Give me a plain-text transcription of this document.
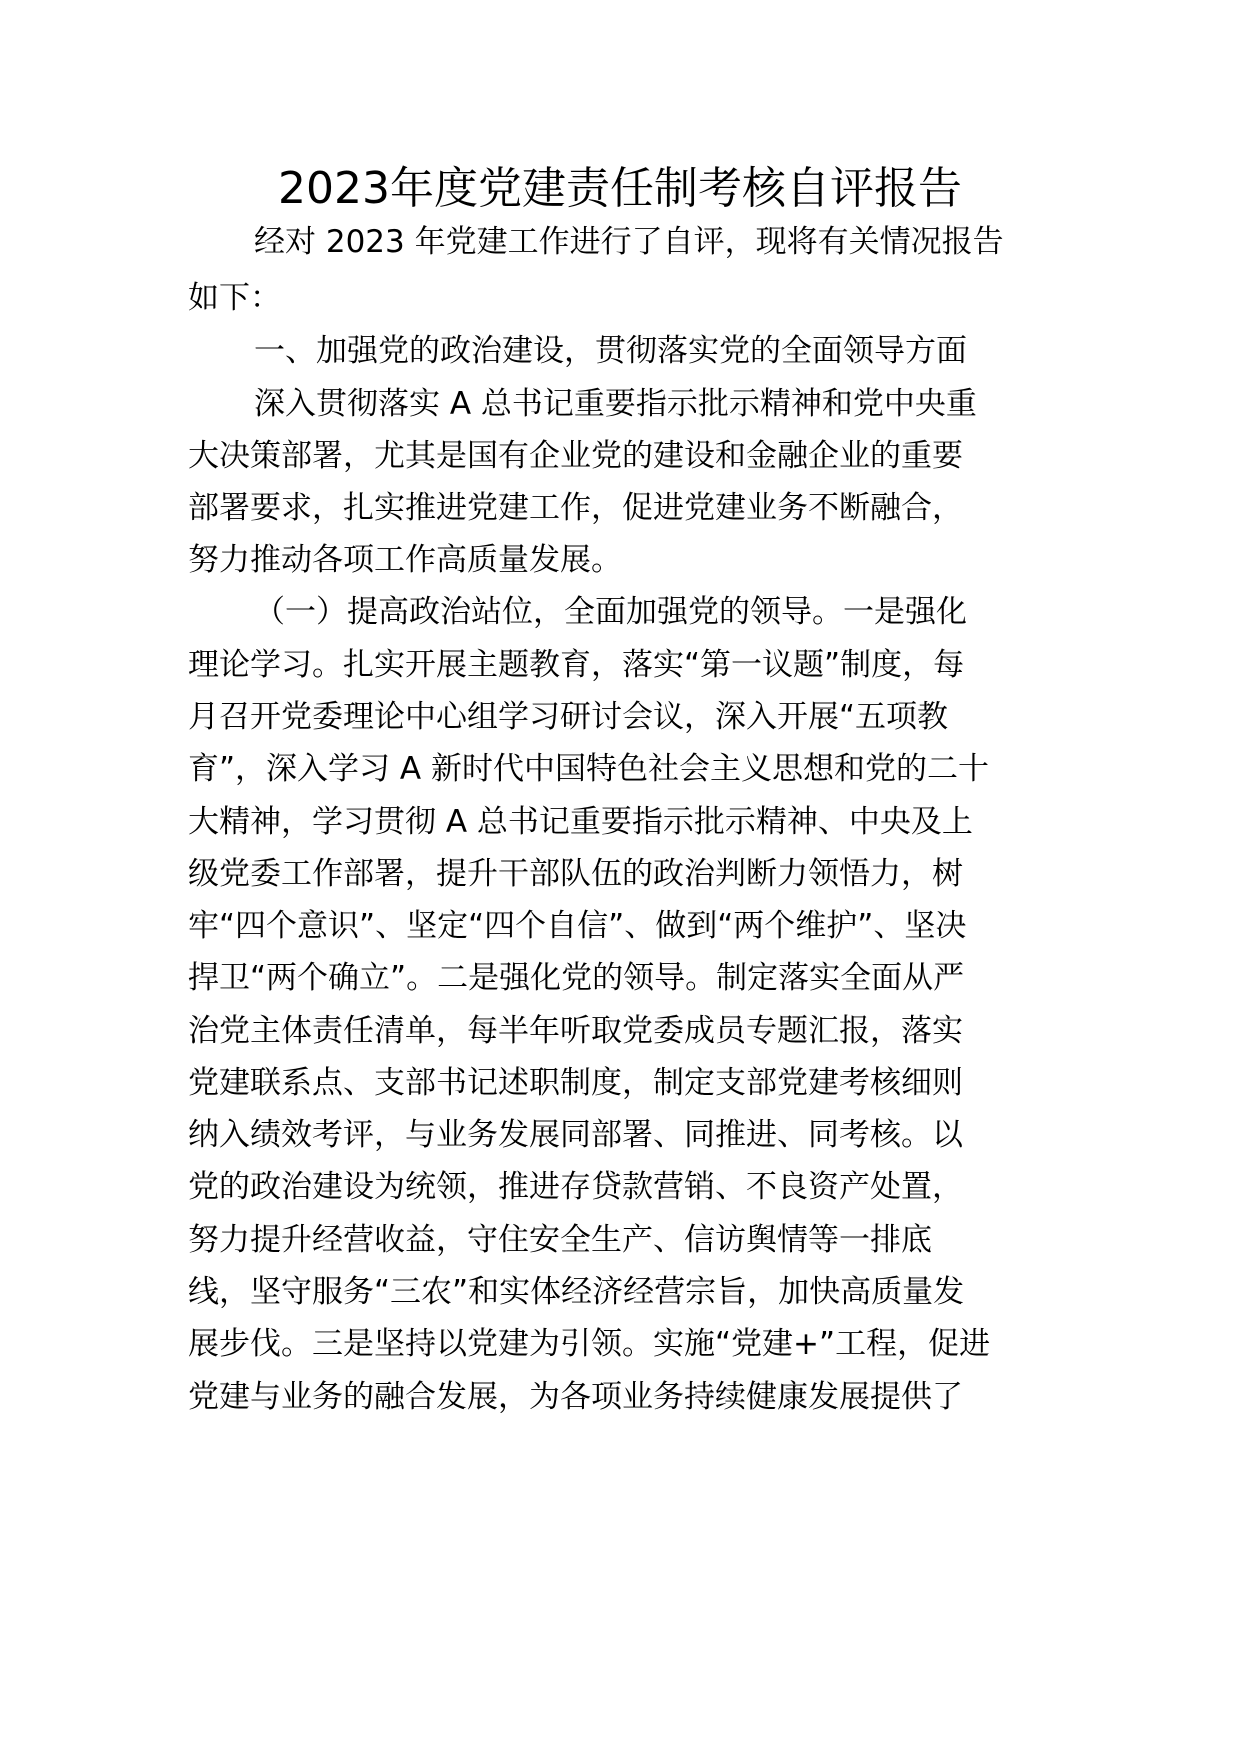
2023年度党建责任制考核自评报告

经对 2023 年党建工作进行了自评，现将有关情况报告

如下：

一、加强党的政治建设，贯彻落实党的全面领导方面

深入贯彻落实 A 总书记重要指示批示精神和党中央重

大决策部署，尤其是国有企业党的建设和金融企业的重要

部署要求，扎实推进党建工作，促进党建业务不断融合，

努力推动各项工作高质量发展。

（一）提高政治站位，全面加强党的领导。一是强化

理论学习。扎实开展主题教育，落实“第一议题”制度，每

月召开党委理论中心组学习研讨会议，深入开展“五项教

育”，深入学习 A 新时代中国特色社会主义思想和党的二十

大精神，学习贯彻 A 总书记重要指示批示精神、中央及上

级党委工作部署，提升干部队伍的政治判断力领悟力，树

牢“四个意识”、坚定“四个自信”、做到“两个维护”、坚决

捍卫“两个确立”。二是强化党的领导。制定落实全面从严

治党主体责任清单，每半年听取党委成员专题汇报，落实

党建联系点、支部书记述职制度，制定支部党建考核细则

纳入绩效考评，与业务发展同部署、同推进、同考核。以

党的政治建设为统领，推进存贷款营销、不良资产处置，

努力提升经营收益，守住安全生产、信访舆情等一排底

线，坚守服务“三农”和实体经济经营宗旨，加快高质量发

展步伐。三是坚持以党建为引领。实施“党建+”工程，促进

党建与业务的融合发展，为各项业务持续健康发展提供了
